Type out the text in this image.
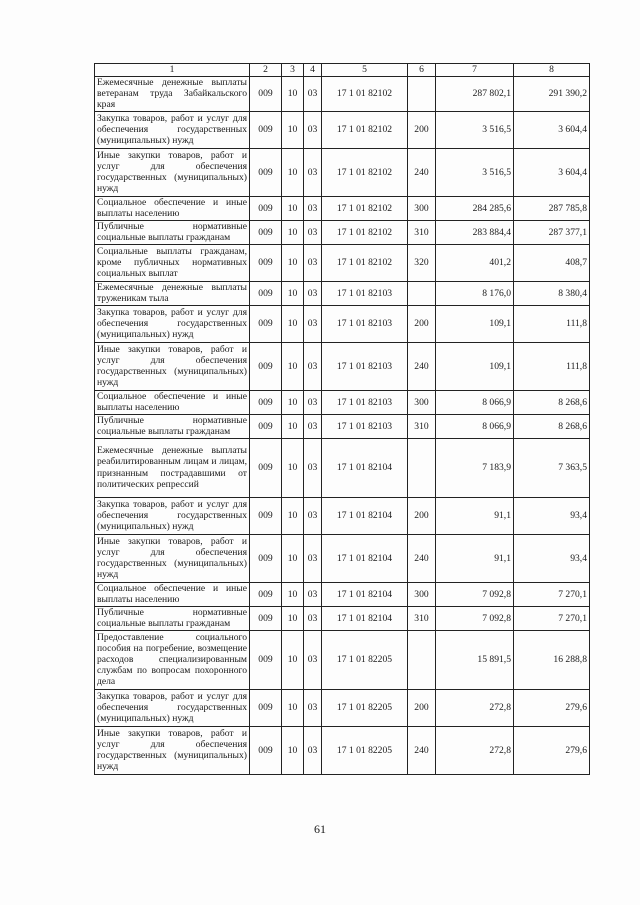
1	2	3	4	5	6	7	8
Ежемесячные денежные выплаты ветеранам труда Забайкальского края	009	10	03	17 1 01 82102		287 802,1	291 390,2
Закупка товаров, работ и услуг для обеспечения государственных (муниципальных) нужд	009	10	03	17 1 01 82102	200	3 516,5	3 604,4
Иные закупки товаров, работ и услуг для обеспечения государственных (муниципальных) нужд	009	10	03	17 1 01 82102	240	3 516,5	3 604,4
Социальное обеспечение и иные выплаты населению	009	10	03	17 1 01 82102	300	284 285,6	287 785,8
Публичные нормативные социальные выплаты гражданам	009	10	03	17 1 01 82102	310	283 884,4	287 377,1
Социальные выплаты гражданам, кроме публичных нормативных социальных выплат	009	10	03	17 1 01 82102	320	401,2	408,7
Ежемесячные денежные выплаты труженикам тыла	009	10	03	17 1 01 82103		8 176,0	8 380,4
Закупка товаров, работ и услуг для обеспечения государственных (муниципальных) нужд	009	10	03	17 1 01 82103	200	109,1	111,8
Иные закупки товаров, работ и услуг для обеспечения государственных (муниципальных) нужд	009	10	03	17 1 01 82103	240	109,1	111,8
Социальное обеспечение и иные выплаты населению	009	10	03	17 1 01 82103	300	8 066,9	8 268,6
Публичные нормативные социальные выплаты гражданам	009	10	03	17 1 01 82103	310	8 066,9	8 268,6
Ежемесячные денежные выплаты реабилитированным лицам и лицам, признанным пострадавшими от политических репрессий	009	10	03	17 1 01 82104		7 183,9	7 363,5
Закупка товаров, работ и услуг для обеспечения государственных (муниципальных) нужд	009	10	03	17 1 01 82104	200	91,1	93,4
Иные закупки товаров, работ и услуг для обеспечения государственных (муниципальных) нужд	009	10	03	17 1 01 82104	240	91,1	93,4
Социальное обеспечение и иные выплаты населению	009	10	03	17 1 01 82104	300	7 092,8	7 270,1
Публичные нормативные социальные выплаты гражданам	009	10	03	17 1 01 82104	310	7 092,8	7 270,1
Предоставление социального пособия на погребение, возмещение расходов специализированным службам по вопросам похоронного дела	009	10	03	17 1 01 82205		15 891,5	16 288,8
Закупка товаров, работ и услуг для обеспечения государственных (муниципальных) нужд	009	10	03	17 1 01 82205	200	272,8	279,6
Иные закупки товаров, работ и услуг для обеспечения государственных (муниципальных) нужд	009	10	03	17 1 01 82205	240	272,8	279,6
61
